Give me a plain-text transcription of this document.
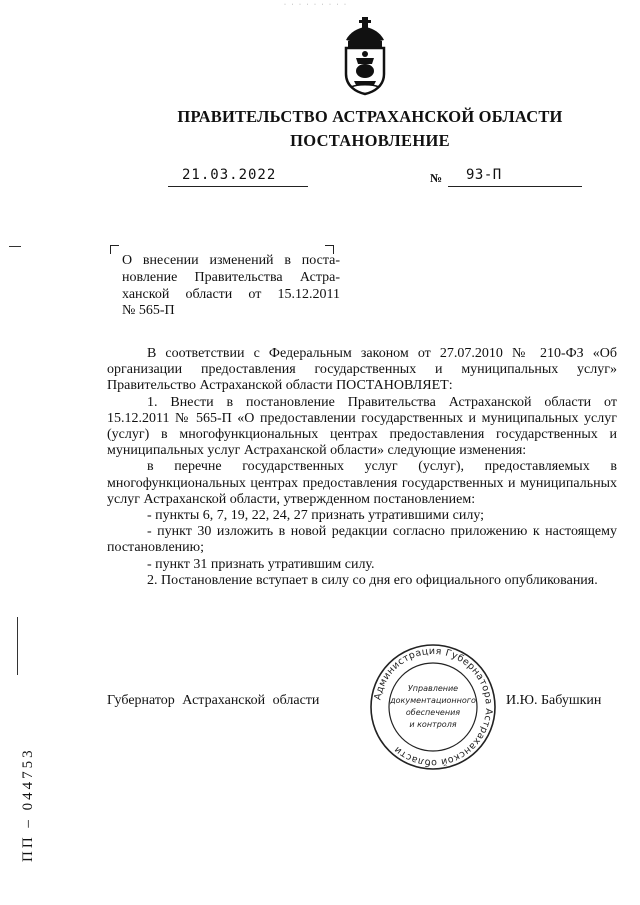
· · · · · · · · ·
ПРАВИТЕЛЬСТВО АСТРАХАНСКОЙ ОБЛАСТИ
ПОСТАНОВЛЕНИЕ
21.03.2022	№ 93-П
О внесении изменений в поста-
новление Правительства Астра-
ханской области от 15.12.2011
№ 565-П

В соответствии с Федеральным законом от 27.07.2010 № 210-ФЗ «Об организации предоставления государственных и муниципальных услуг» Правительство Астраханской области ПОСТАНОВЛЯЕТ:

1. Внести в постановление Правительства Астраханской области от 15.12.2011 № 565-П «О предоставлении государственных и муниципальных услуг (услуг) в многофункциональных центрах предоставления государственных и муниципальных услуг Астраханской области» следующие изменения:

в перечне государственных услуг (услуг), предоставляемых в многофункциональных центрах предоставления государственных и муниципальных услуг Астраханской области, утвержденном постановлением:

- пункты 6, 7, 19, 22, 24, 27 признать утратившими силу;

- пункт 30 изложить в новой редакции согласно приложению к настоящему постановлению;

- пункт 31 признать утратившим силу.

2. Постановление вступает в силу со дня его официального опубликования.

Губернатор Астраханской области	И.Ю. Бабушкин
Администрация Губернатора Астраханской области
Управление
документационного
обеспечения
и контроля
ПП – 044753
